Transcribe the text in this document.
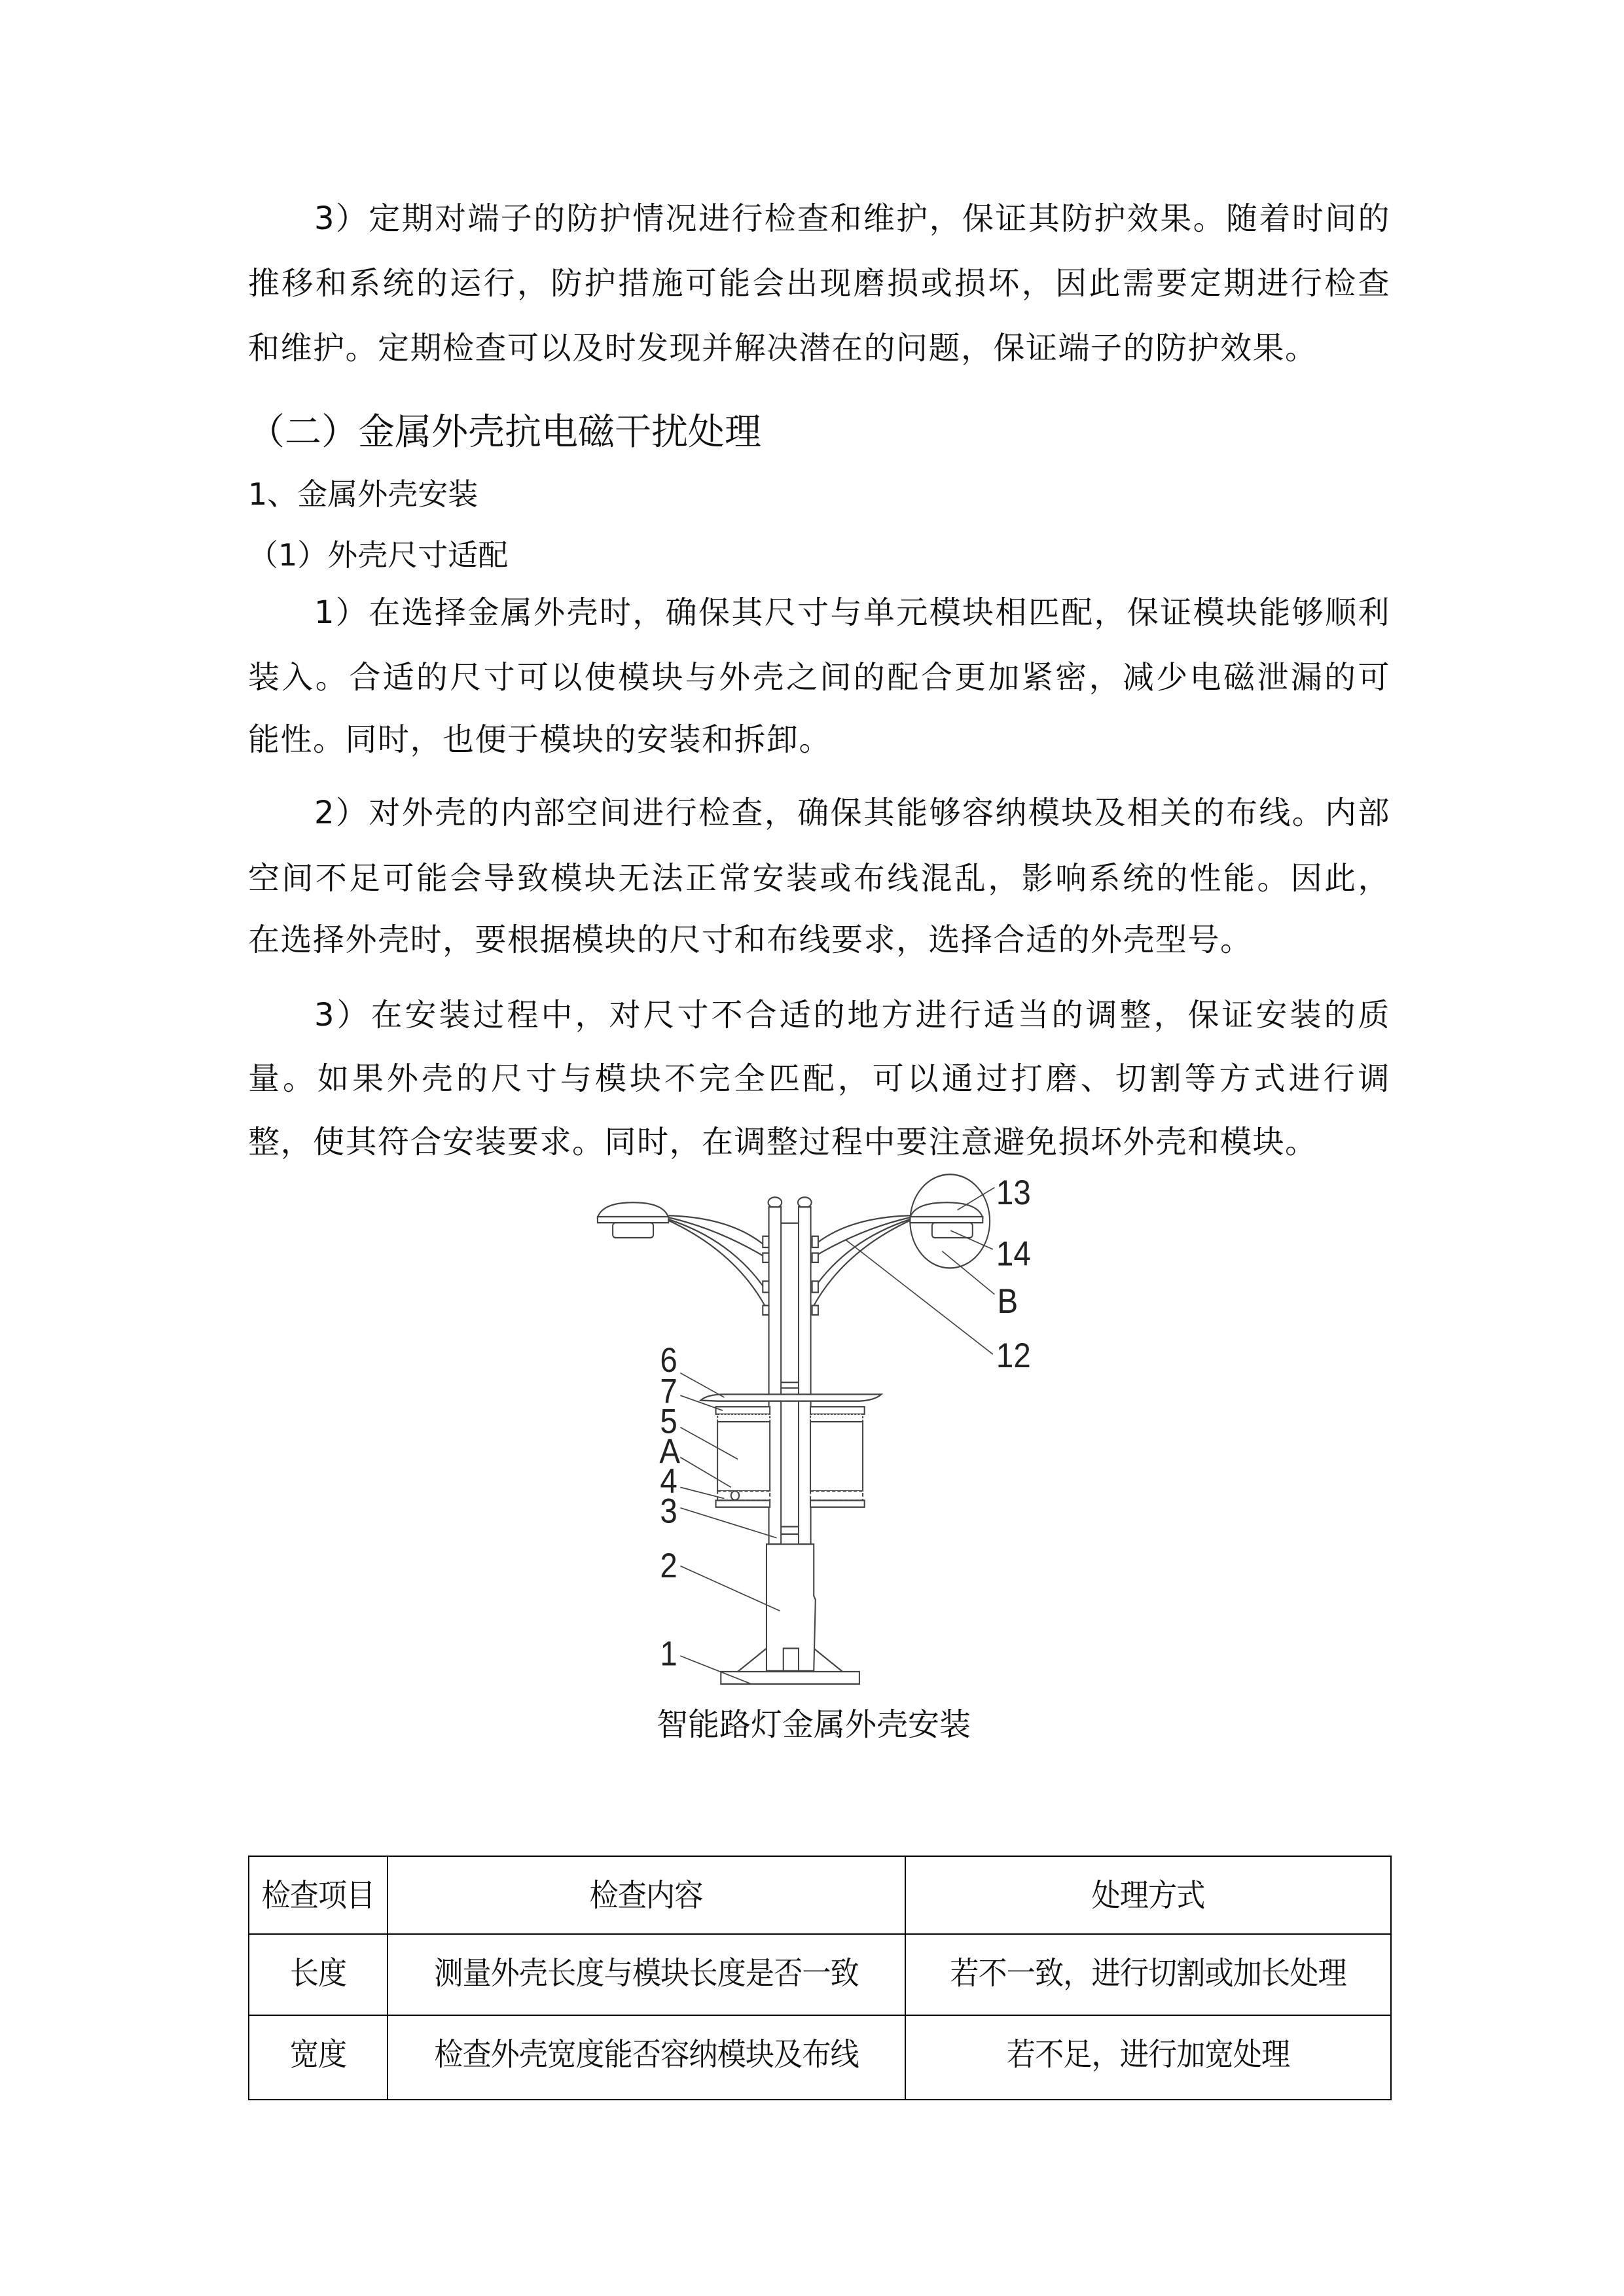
3）定期对端子的防护情况进行检查和维护，保证其防护效果。随着时间的
推移和系统的运行，防护措施可能会出现磨损或损坏，因此需要定期进行检查
和维护。定期检查可以及时发现并解决潜在的问题，保证端子的防护效果。
（二）金属外壳抗电磁干扰处理
1、金属外壳安装
（1）外壳尺寸适配
1）在选择金属外壳时，确保其尺寸与单元模块相匹配，保证模块能够顺利
装入。合适的尺寸可以使模块与外壳之间的配合更加紧密，减少电磁泄漏的可
能性。同时，也便于模块的安装和拆卸。
2）对外壳的内部空间进行检查，确保其能够容纳模块及相关的布线。内部
空间不足可能会导致模块无法正常安装或布线混乱，影响系统的性能。因此，
在选择外壳时，要根据模块的尺寸和布线要求，选择合适的外壳型号。
3）在安装过程中，对尺寸不合适的地方进行适当的调整，保证安装的质
量。如果外壳的尺寸与模块不完全匹配，可以通过打磨、切割等方式进行调
整，使其符合安装要求。同时，在调整过程中要注意避免损坏外壳和模块。
13
14
B
12
6
7
5
A
4
3
2
1
智能路灯金属外壳安装
检查项目	检查内容	处理方式
长度	测量外壳长度与模块长度是否一致	若不一致，进行切割或加长处理
宽度	检查外壳宽度能否容纳模块及布线	若不足，进行加宽处理
